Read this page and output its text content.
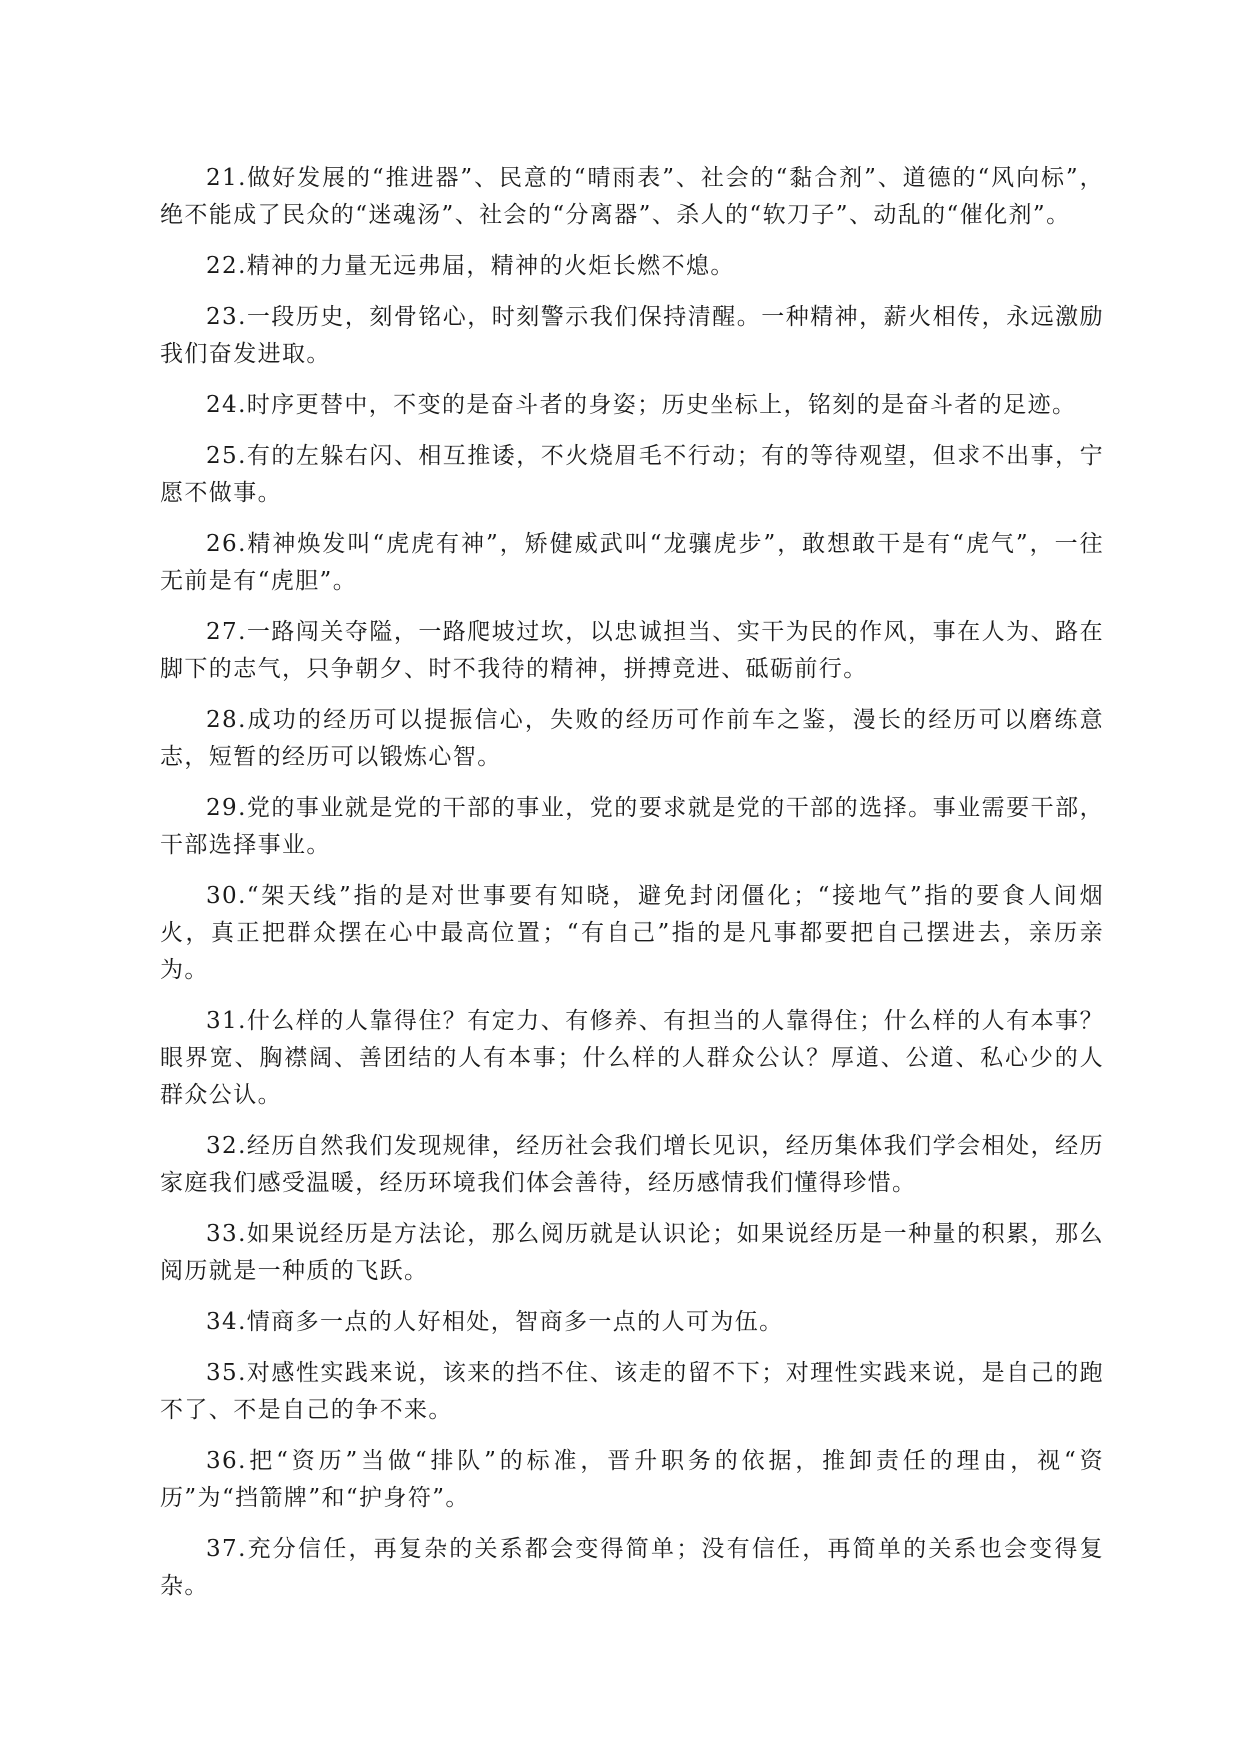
21.做好发展的“推进器”、民意的“晴雨表”、社会的“黏合剂”、道德的“风向标”，绝不能成了民众的“迷魂汤”、社会的“分离器”、杀人的“软刀子”、动乱的“催化剂”。

22.精神的力量无远弗届，精神的火炬长燃不熄。

23.一段历史，刻骨铭心，时刻警示我们保持清醒。一种精神，薪火相传，永远激励我们奋发进取。

24.时序更替中，不变的是奋斗者的身姿；历史坐标上，铭刻的是奋斗者的足迹。

25.有的左躲右闪、相互推诿，不火烧眉毛不行动；有的等待观望，但求不出事，宁愿不做事。

26.精神焕发叫“虎虎有神”，矫健威武叫“龙骧虎步”，敢想敢干是有“虎气”，一往无前是有“虎胆”。

27.一路闯关夺隘，一路爬坡过坎，以忠诚担当、实干为民的作风，事在人为、路在脚下的志气，只争朝夕、时不我待的精神，拼搏竞进、砥砺前行。

28.成功的经历可以提振信心，失败的经历可作前车之鉴，漫长的经历可以磨练意志，短暂的经历可以锻炼心智。

29.党的事业就是党的干部的事业，党的要求就是党的干部的选择。事业需要干部，干部选择事业。

30.“架天线”指的是对世事要有知晓，避免封闭僵化；“接地气”指的要食人间烟火，真正把群众摆在心中最高位置；“有自己”指的是凡事都要把自己摆进去，亲历亲为。

31.什么样的人靠得住？有定力、有修养、有担当的人靠得住；什么样的人有本事？眼界宽、胸襟阔、善团结的人有本事；什么样的人群众公认？厚道、公道、私心少的人群众公认。

32.经历自然我们发现规律，经历社会我们增长见识，经历集体我们学会相处，经历家庭我们感受温暖，经历环境我们体会善待，经历感情我们懂得珍惜。

33.如果说经历是方法论，那么阅历就是认识论；如果说经历是一种量的积累，那么阅历就是一种质的飞跃。

34.情商多一点的人好相处，智商多一点的人可为伍。

35.对感性实践来说，该来的挡不住、该走的留不下；对理性实践来说，是自己的跑不了、不是自己的争不来。

36.把“资历”当做“排队”的标准，晋升职务的依据，推卸责任的理由，视“资历”为“挡箭牌”和“护身符”。

37.充分信任，再复杂的关系都会变得简单；没有信任，再简单的关系也会变得复杂。
